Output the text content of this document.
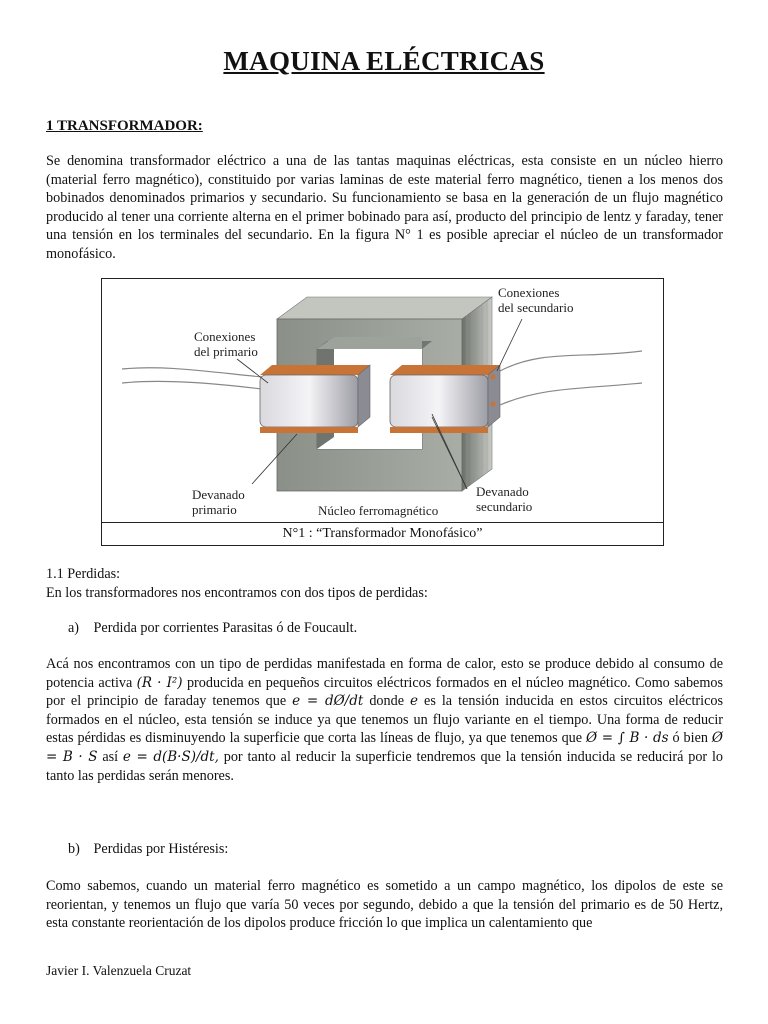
MAQUINA ELÉCTRICAS
1 TRANSFORMADOR:
Se denomina transformador eléctrico a una de las tantas maquinas eléctricas, esta consiste en un núcleo hierro (material ferro magnético), constituido por varias laminas de este material ferro magnético, tienen a los menos dos bobinados denominados primarios y secundario. Su funcionamiento se basa en la generación de un flujo magnético producido al tener una corriente alterna en el primer bobinado para así, producto del principio de lentz y faraday, tener una tensión en los terminales del secundario. En la figura N° 1 es posible apreciar el núcleo de un transformador monofásico.
Conexiones
del primario
Conexiones
del secundario
Devanado
primario	Núcleo ferromagnético
Devanado
secundario
N°1 : “Transformador Monofásico”
1.1 Perdidas:
En los transformadores nos encontramos con dos tipos de perdidas:
a) Perdida por corrientes Parasitas ó de Foucault.
Acá nos encontramos con un tipo de perdidas manifestada en forma de calor, esto se produce debido al consumo de potencia activa (R · I²) producida en pequeños circuitos eléctricos formados en el núcleo magnético. Como sabemos por el principio de faraday tenemos que e = dØ/dt donde e es la tensión inducida en estos circuitos eléctricos formados en el núcleo, esta tensión se induce ya que tenemos un flujo variante en el tiempo. Una forma de reducir estas pérdidas es disminuyendo la superficie que corta las líneas de flujo, ya que tenemos que Ø = ∫ B · ds ó bien Ø = B · S así e = d(B·S)/dt, por tanto al reducir la superficie tendremos que la tensión inducida se reducirá por lo tanto las perdidas serán menores.
b) Perdidas por Histéresis:
Como sabemos, cuando un material ferro magnético es sometido a un campo magnético, los dipolos de este se reorientan, y tenemos un flujo que varía 50 veces por segundo, debido a que la tensión del primario es de 50 Hertz, esta constante reorientación de los dipolos produce fricción lo que implica un calentamiento que
Javier I. Valenzuela Cruzat
